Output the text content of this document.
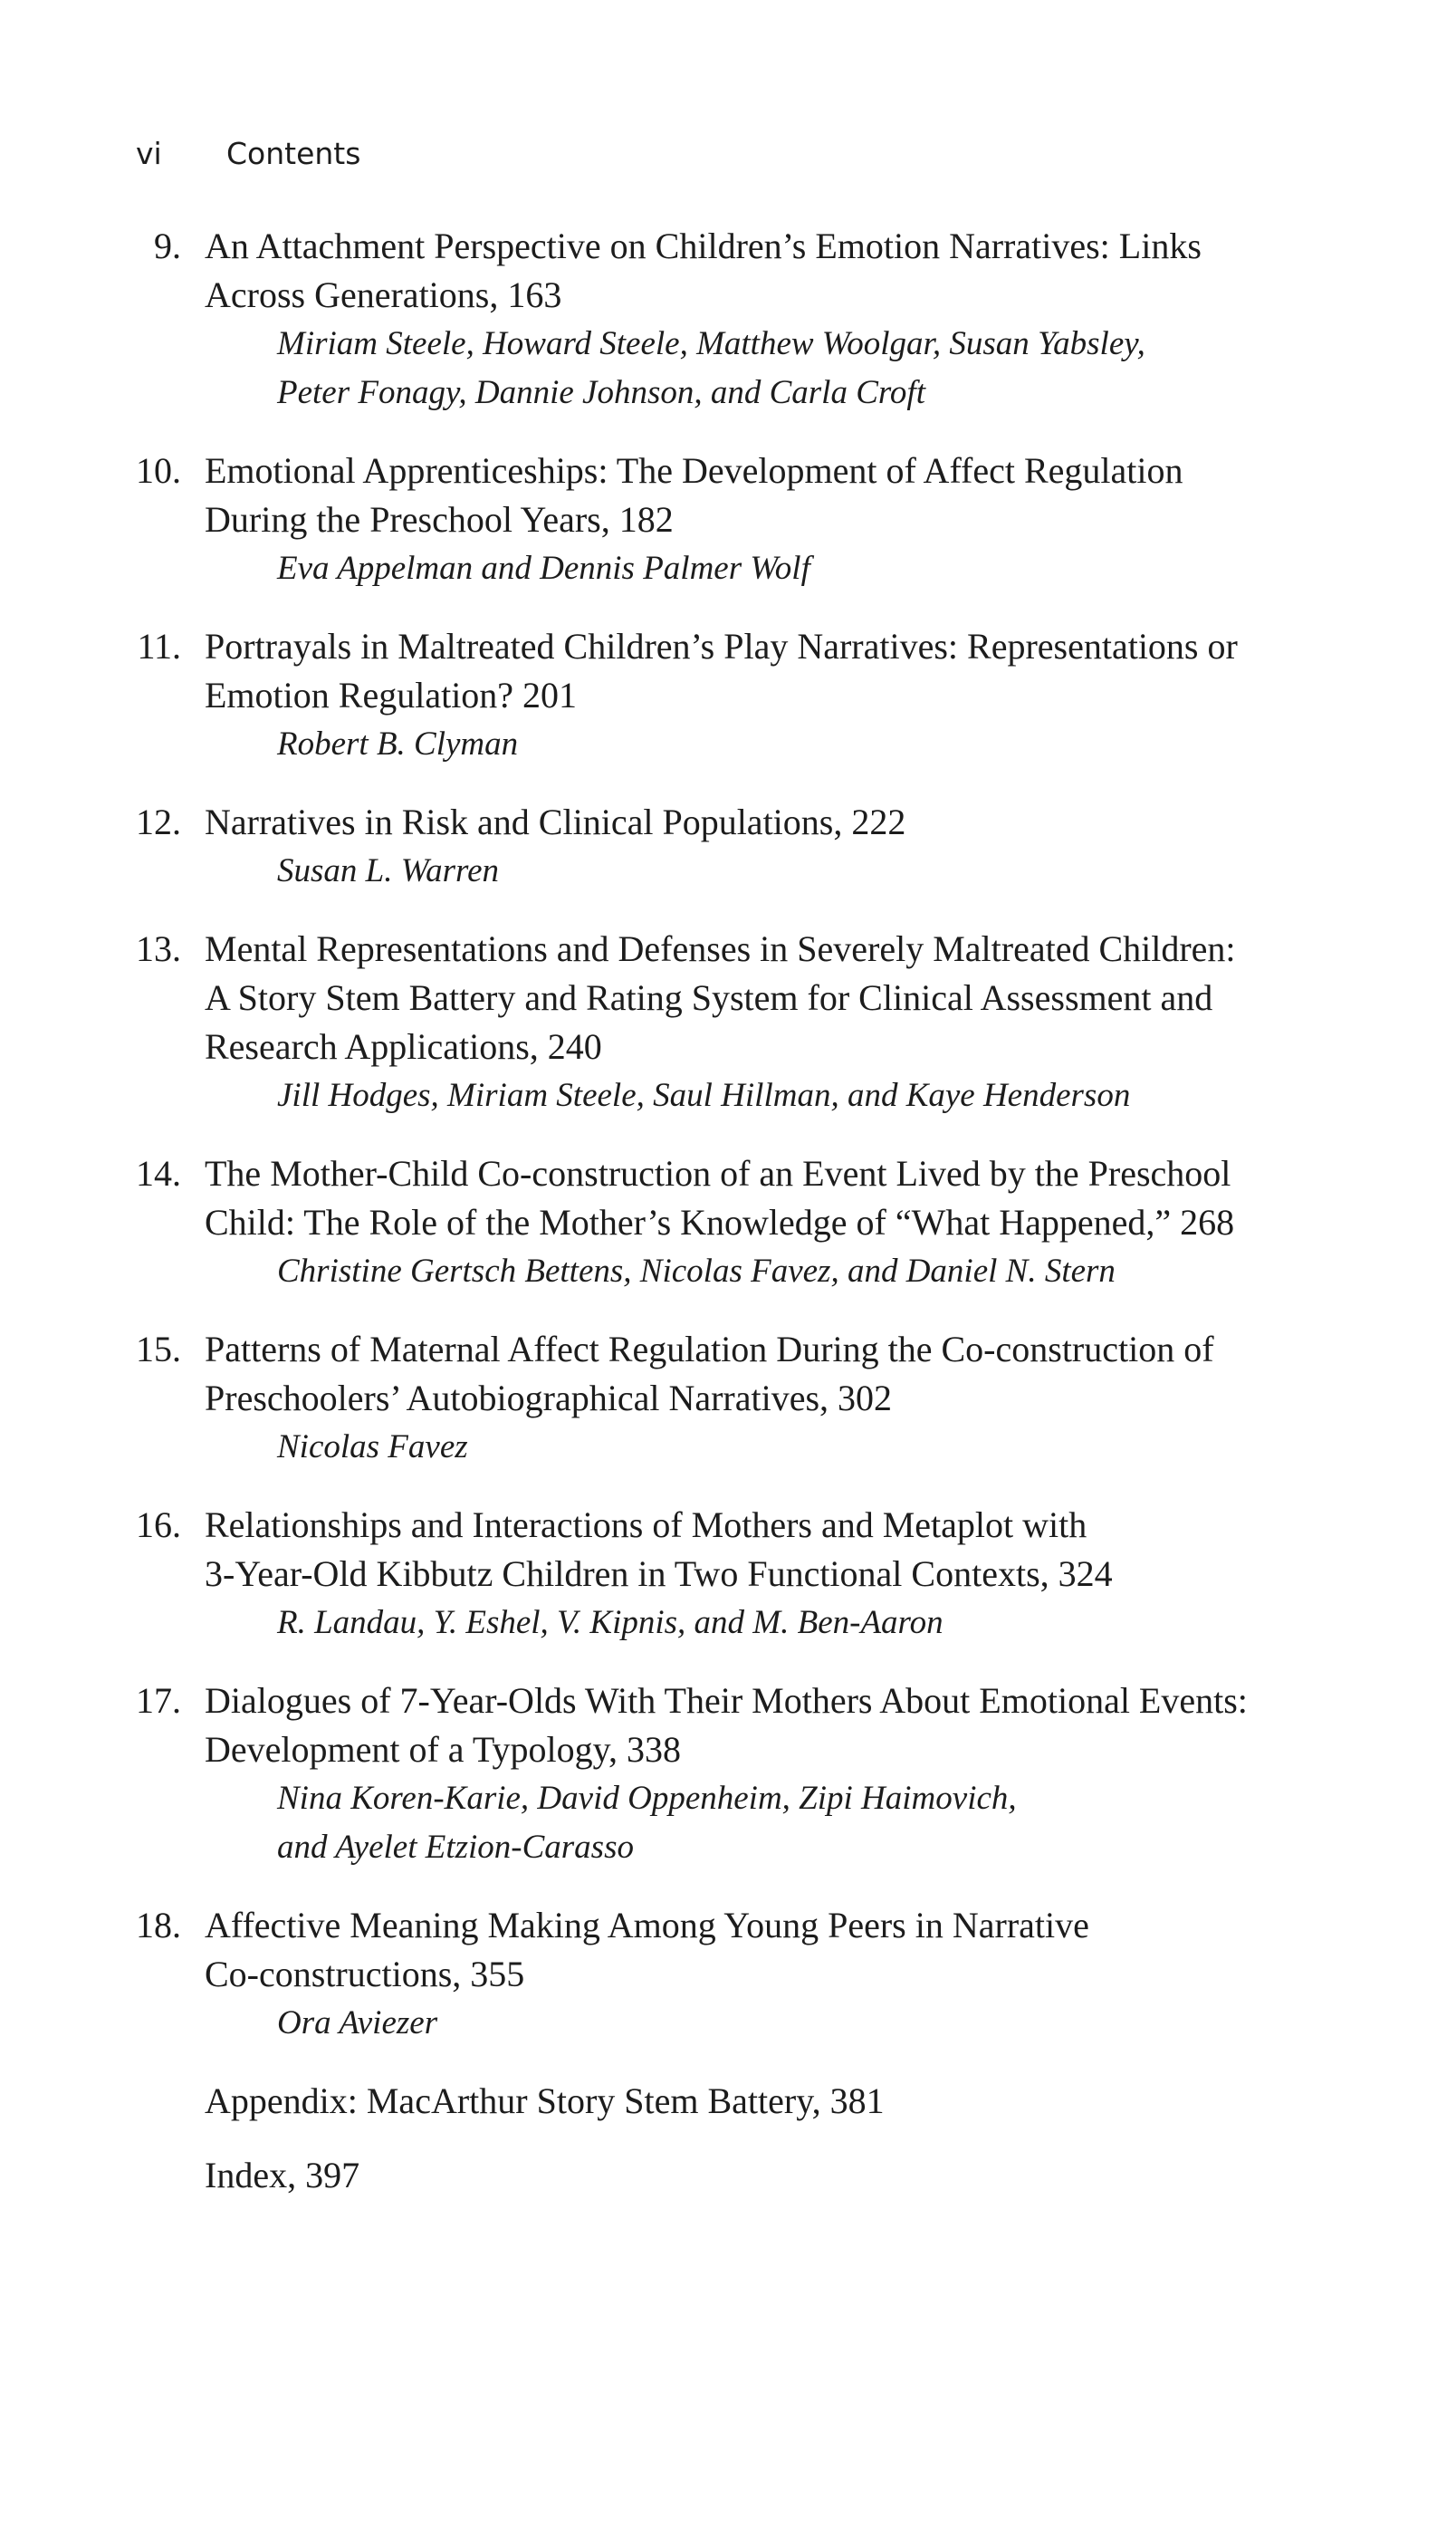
vi Contents
9. An Attachment Perspective on Children’s Emotion Narratives: Links
Across Generations, 163
Miriam Steele, Howard Steele, Matthew Woolgar, Susan Yabsley,
Peter Fonagy, Dannie Johnson, and Carla Croft
10. Emotional Apprenticeships: The Development of Affect Regulation
During the Preschool Years, 182
Eva Appelman and Dennis Palmer Wolf
11. Portrayals in Maltreated Children’s Play Narratives: Representations or
Emotion Regulation? 201
Robert B. Clyman
12. Narratives in Risk and Clinical Populations, 222
Susan L. Warren
13. Mental Representations and Defenses in Severely Maltreated Children:
A Story Stem Battery and Rating System for Clinical Assessment and
Research Applications, 240
Jill Hodges, Miriam Steele, Saul Hillman, and Kaye Henderson
14. The Mother-Child Co-construction of an Event Lived by the Preschool
Child: The Role of the Mother’s Knowledge of “What Happened,” 268
Christine Gertsch Bettens, Nicolas Favez, and Daniel N. Stern
15. Patterns of Maternal Affect Regulation During the Co-construction of
Preschoolers’ Autobiographical Narratives, 302
Nicolas Favez
16. Relationships and Interactions of Mothers and Metaplot with
3-Year-Old Kibbutz Children in Two Functional Contexts, 324
R. Landau, Y. Eshel, V. Kipnis, and M. Ben-Aaron
17. Dialogues of 7-Year-Olds With Their Mothers About Emotional Events:
Development of a Typology, 338
Nina Koren-Karie, David Oppenheim, Zipi Haimovich,
and Ayelet Etzion-Carasso
18. Affective Meaning Making Among Young Peers in Narrative
Co-constructions, 355
Ora Aviezer
Appendix: MacArthur Story Stem Battery, 381
Index, 397
